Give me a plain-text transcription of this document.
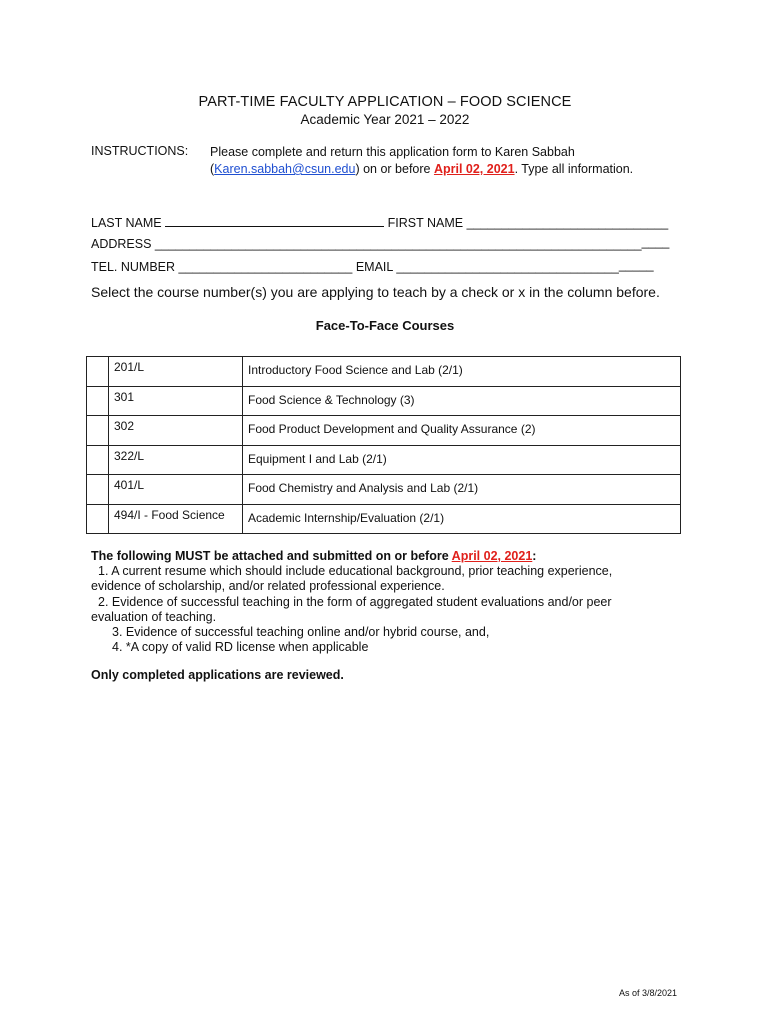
PART-TIME FACULTY APPLICATION – FOOD SCIENCE
Academic Year 2021 – 2022
INSTRUCTIONS: Please complete and return this application form to Karen Sabbah
(Karen.sabbah@csun.edu) on or before April 02, 2021. Type all information.
LAST NAME	FIRST NAME _____________________________
ADDRESS __________________________________________________________________________
TEL. NUMBER _________________________ EMAIL _____________________________________
Select the course number(s) you are applying to teach by a check or x in the column before.
Face-To-Face Courses
	201/L	Introductory Food Science and Lab (2/1)
	301	Food Science & Technology (3)
	302	Food Product Development and Quality Assurance (2)
	322/L	Equipment I and Lab (2/1)
	401/L	Food Chemistry and Analysis and Lab (2/1)
	494/I - Food Science	Academic Internship/Evaluation (2/1)
The following MUST be attached and submitted on or before April 02, 2021:

1. A current resume which should include educational background, prior teaching experience, evidence of scholarship, and/or related professional experience.

2. Evidence of successful teaching in the form of aggregated student evaluations and/or peer evaluation of teaching.

3. Evidence of successful teaching online and/or hybrid course, and,

4. *A copy of valid RD license when applicable

Only completed applications are reviewed.
As of 3/8/2021
